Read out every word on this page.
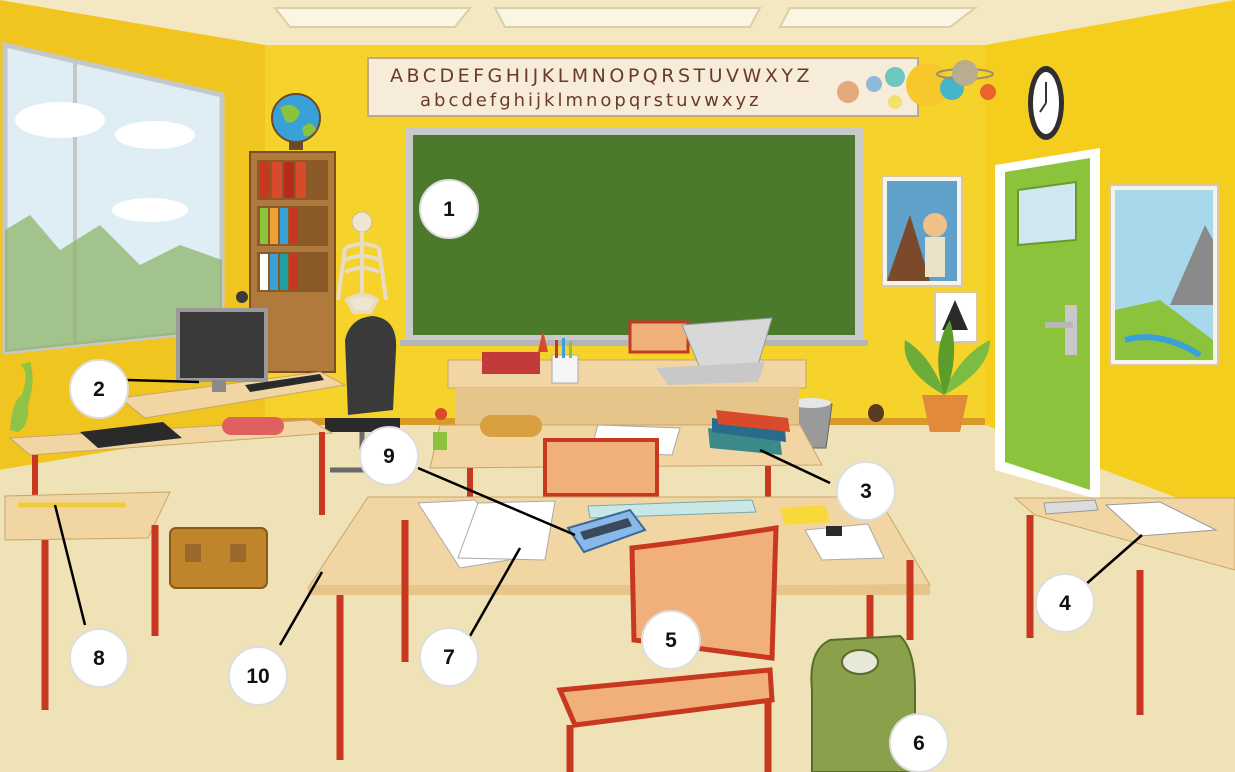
ABCDEFGHIJKLMNOPQRSTUVWXYZ
abcdefghijklmnopqrstuvwxyz
1
2
3
4
5
6
7
8
9
10
